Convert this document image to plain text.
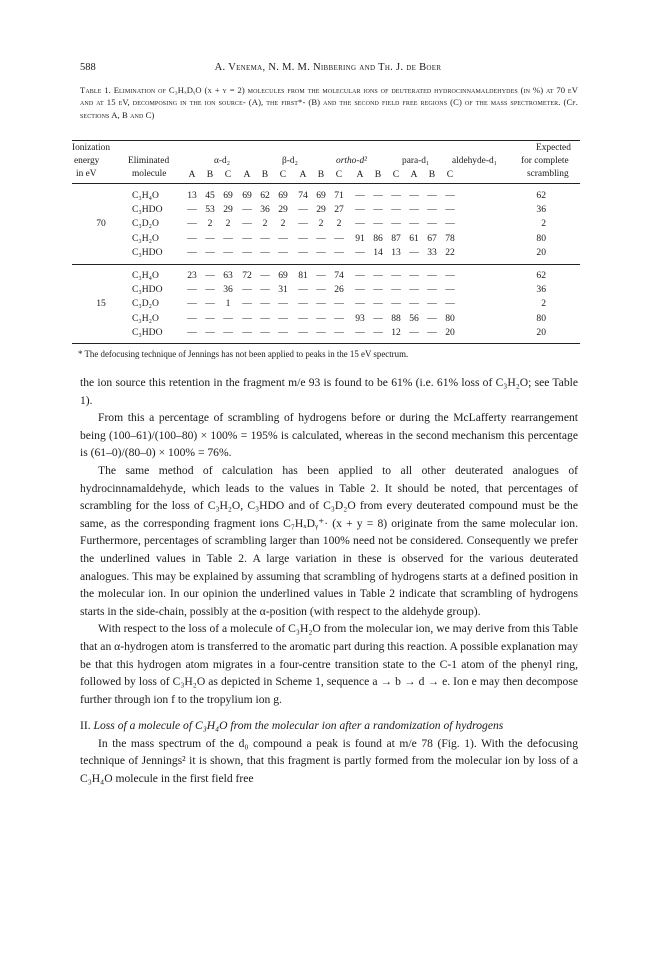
588	A. Venema, N. M. M. Nibbering and Th. J. de Boer
Table 1. Elimination of C₃HₓDᵧO (x + y = 2) molecules from the molecular ions of deuterated hydrocinnamaldehydes (in %) at 70 eV and at 15 eV, decomposing in the ion source- (A), the first*- (B) and the second field free regions (C) of the mass spectrometer. (Cf. sections A, B and C)
Ionization
energy
in eV
Eliminated
molecule
α-d₂	β-d₂	ortho-d²	para-d₁ aldehyde-d₁
Expected
for complete
scrambling
A	B	C	A	B	C	A	B	C	A	B	C	A	B	C
70
C₃H₄O	13 45 69 69 62 69	74 69 71	— — — — — —	62
C₃HDO	— 53 29 — 36 29	— 29 27	— — — — — —	36
C₃D₂O	—	2	2	—	2	2	—	2	2	— — — — — —	2
C₃H₂O	— — — — — —	— — —	91 86 87 61 67 78	80
C₃HDO	— — — — — —	— — —	— 14 13 — 33 22	20
15
C₃H₄O	23 — 63 72 — 69	81 — 74	— — — — — —	62
C₃HDO	— — 36 — — 31	— — 26	— — — — — —	36
C₃D₂O	— —	1	— — —	— — —	— — — — — —	2
C₃H₂O	— — — — — —	— — —	93 — 88 56 — 80	80
C₃HDO	— — — — — —	— — —	— — 12 — — 20	20
* The defocusing technique of Jennings has not been applied to peaks in the 15 eV spectrum.

the ion source this retention in the fragment m/e 93 is found to be 61% (i.e. 61% loss of C₃H₂O; see Table 1).

From this a percentage of scrambling of hydrogens before or during the McLafferty rearrangement being (100–61)/(100–80) × 100% = 195% is calculated, whereas in the second mechanism this percentage is (61–0)/(80–0) × 100% = 76%.

The same method of calculation has been applied to all other deuterated analogues of hydrocinnamaldehyde, which leads to the values in Table 2. It should be noted, that percentages of scrambling for the loss of C₃H₂O, C₃HDO and of C₃D₂O from every deuterated compound must be the same, as the corresponding fragment ions C₇HₓDᵧ⁺· (x + y = 8) originate from the same molecular ion. Furthermore, percentages of scrambling larger than 100% need not be considered. Consequently we prefer the underlined values in Table 2. A large variation in these is observed for the various deuterated analogues. This may be explained by assuming that scrambling of hydrogens starts at a defined position in the molecular ion. In our opinion the underlined values in Table 2 indicate that scrambling of hydrogens starts in the side-chain, possibly at the α-position (with respect to the aldehyde group).

With respect to the loss of a molecule of C₃H₂O from the molecular ion, we may derive from this Table that an α-hydrogen atom is transferred to the aromatic part during this reaction. A possible explanation may be that this hydrogen atom migrates in a four-centre transition state to the C-1 atom of the phenyl ring, followed by loss of C₃H₂O as depicted in Scheme 1, sequence a → b → d → e. Ion e may then decompose further through ion f to the tropylium ion g.

II. Loss of a molecule of C₃H₄O from the molecular ion after a randomization of hydrogens

In the mass spectrum of the d₀ compound a peak is found at m/e 78 (Fig. 1). With the defocusing technique of Jennings² it is shown, that this fragment is partly formed from the molecular ion by loss of a C₃H₄O molecule in the first field free
